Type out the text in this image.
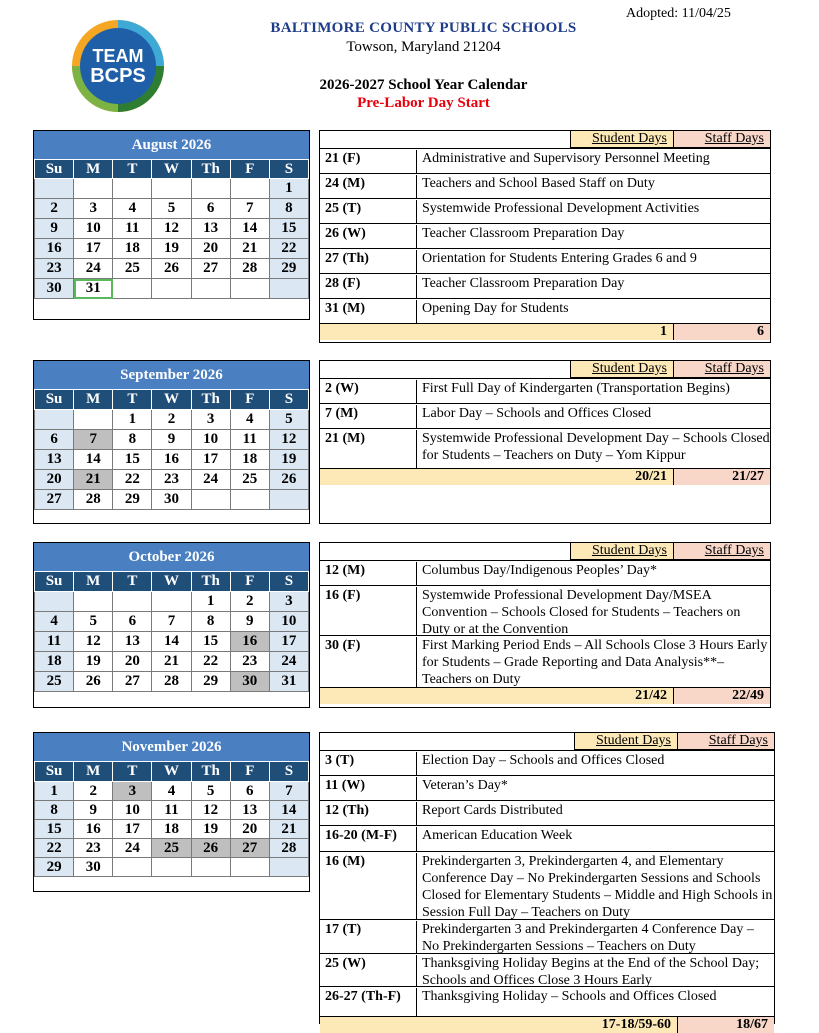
Adopted: 11/04/25
TEAM
BCPS
BALTIMORE COUNTY PUBLIC SCHOOLS
Towson, Maryland 21204
2026-2027 School Year Calendar
Pre-Labor Day Start
August 2026
Su	M	T	W	Th	F	S
						1
2	3	4	5	6	7	8
9	10	11	12	13	14	15
16	17	18	19	20	21	22
23	24	25	26	27	28	29
30	31					
Student Days	Staff Days
21 (F)	Administrative and Supervisory Personnel Meeting
24 (M)	Teachers and School Based Staff on Duty
25 (T)	Systemwide Professional Development Activities
26 (W)	Teacher Classroom Preparation Day
27 (Th)	Orientation for Students Entering Grades 6 and 9
28 (F)	Teacher Classroom Preparation Day
31 (M)	Opening Day for Students
1	6
September 2026
Su	M	T	W	Th	F	S
		1	2	3	4	5
6	7	8	9	10	11	12
13	14	15	16	17	18	19
20	21	22	23	24	25	26
27	28	29	30			
Student Days	Staff Days
2 (W)	First Full Day of Kindergarten (Transportation Begins)
7 (M)	Labor Day – Schools and Offices Closed
21 (M)	Systemwide Professional Development Day – Schools Closed for Students – Teachers on Duty – Yom Kippur
20/21	21/27
October 2026
Su	M	T	W	Th	F	S
				1	2	3
4	5	6	7	8	9	10
11	12	13	14	15	16	17
18	19	20	21	22	23	24
25	26	27	28	29	30	31
Student Days	Staff Days
12 (M)	Columbus Day/Indigenous Peoples’ Day*
16 (F)	Systemwide Professional Development Day/MSEA Convention – Schools Closed for Students – Teachers on Duty or at the Convention
30 (F)	First Marking Period Ends – All Schools Close 3 Hours Early for Students – Grade Reporting and Data Analysis**– Teachers on Duty
21/42	22/49
November 2026
Su	M	T	W	Th	F	S
1	2	3	4	5	6	7
8	9	10	11	12	13	14
15	16	17	18	19	20	21
22	23	24	25	26	27	28
29	30					
Student Days	Staff Days
3 (T)	Election Day – Schools and Offices Closed
11 (W)	Veteran’s Day*
12 (Th)	Report Cards Distributed
16-20 (M-F)	American Education Week
16 (M)	Prekindergarten 3, Prekindergarten 4, and Elementary Conference Day – No Prekindergarten Sessions and Schools Closed for Elementary Students – Middle and High Schools in Session Full Day – Teachers on Duty
17 (T)	Prekindergarten 3 and Prekindergarten 4 Conference Day – No Prekindergarten Sessions – Teachers on Duty
25 (W)	Thanksgiving Holiday Begins at the End of the School Day; Schools and Offices Close 3 Hours Early
26-27 (Th-F)	Thanksgiving Holiday – Schools and Offices Closed
17-18/59-60	18/67
